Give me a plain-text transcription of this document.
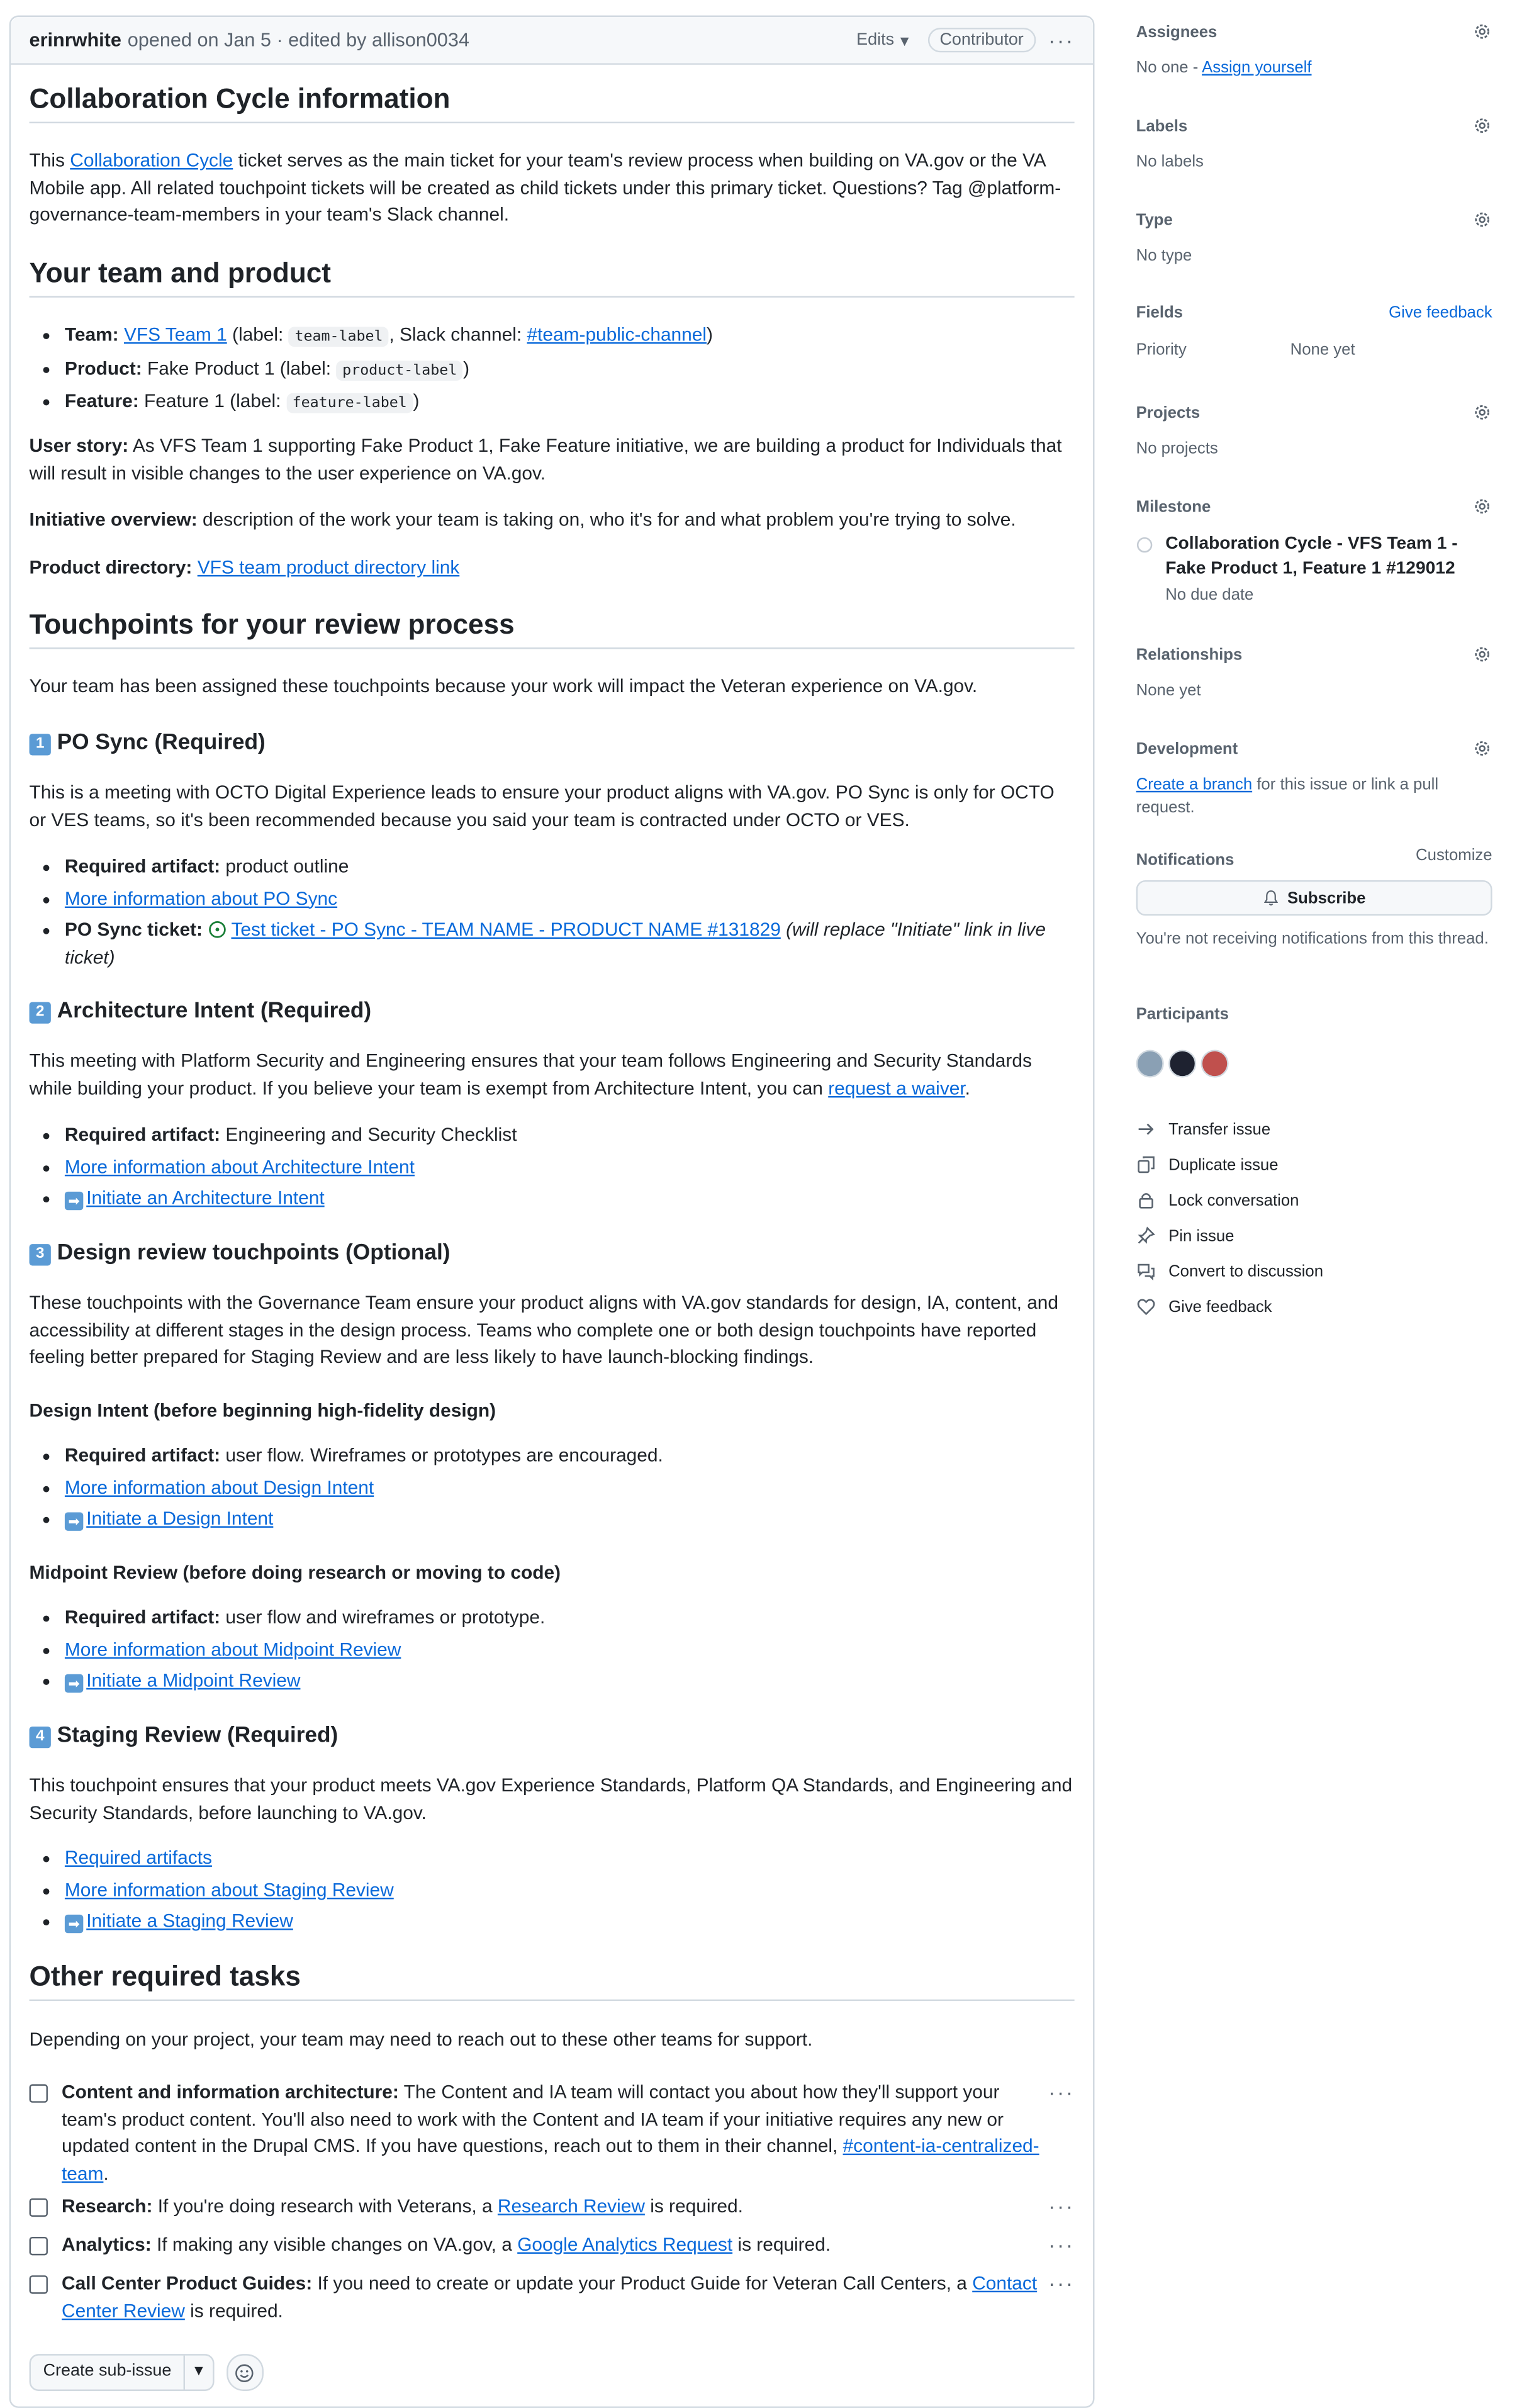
erinrwhite opened on Jan 5 · edited by allison0034	Edits ▾	Contributor	···
Collaboration Cycle information

This Collaboration Cycle ticket serves as the main ticket for your team's review process when building on VA.gov or the VA Mobile app. All related touchpoint tickets will be created as child tickets under this primary ticket. Questions? Tag @platform-governance-team-members in your team's Slack channel.

Your team and product
• Team: VFS Team 1 (label: team-label , Slack channel: #team-public-channel)
• Product: Fake Product 1 (label: product-label )
• Feature: Feature 1 (label: feature-label )

User story: As VFS Team 1 supporting Fake Product 1, Fake Feature initiative, we are building a product for Individuals that will result in visible changes to the user experience on VA.gov.

Initiative overview: description of the work your team is taking on, who it's for and what problem you're trying to solve.

Product directory: VFS team product directory link

Touchpoints for your review process

Your team has been assigned these touchpoints because your work will impact the Veteran experience on VA.gov.

1	PO Sync (Required)

This is a meeting with OCTO Digital Experience leads to ensure your product aligns with VA.gov. PO Sync is only for OCTO or VES teams, so it's been recommended because you said your team is contracted under OCTO or VES.

• Required artifact: product outline
• More information about PO Sync
• PO Sync ticket:	Test ticket - PO Sync - TEAM NAME - PRODUCT NAME #131829 (will replace "Initiate" link in live ticket)
2	Architecture Intent (Required)

This meeting with Platform Security and Engineering ensures that your team follows Engineering and Security Standards while building your product. If you believe your team is exempt from Architecture Intent, you can request a waiver.

• Required artifact: Engineering and Security Checklist
• More information about Architecture Intent
• ➡ Initiate an Architecture Intent
3	Design review touchpoints (Optional)

These touchpoints with the Governance Team ensure your product aligns with VA.gov standards for design, IA, content, and accessibility at different stages in the design process. Teams who complete one or both design touchpoints have reported feeling better prepared for Staging Review and are less likely to have launch-blocking findings.

Design Intent (before beginning high-fidelity design)
• Required artifact: user flow. Wireframes or prototypes are encouraged.
• More information about Design Intent
• ➡ Initiate a Design Intent
Midpoint Review (before doing research or moving to code)
• Required artifact: user flow and wireframes or prototype.
• More information about Midpoint Review
• ➡ Initiate a Midpoint Review
4	Staging Review (Required)

This touchpoint ensures that your product meets VA.gov Experience Standards, Platform QA Standards, and Engineering and Security Standards, before launching to VA.gov.

• Required artifacts
• More information about Staging Review
• ➡ Initiate a Staging Review
Other required tasks

Depending on your project, your team may need to reach out to these other teams for support.

Content and information architecture: The Content and IA team will contact you about how they'll support your team's product content. You'll also need to work with the Content and IA team if your initiative requires any new or updated content in the Drupal CMS. If you have questions, reach out to them in their channel, #content-ia-centralized-team.
···
Research: If you're doing research with Veterans, a Research Review is required.	···
Analytics: If making any visible changes on VA.gov, a Google Analytics Request is required.	···
Call Center Product Guides: If you need to create or update your Product Guide for Veteran Call Centers, a Contact Center Review is required.
···
Create sub-issue	▾
Assignees
No one - Assign yourself
Labels
No labels
Type
No type
Fields	Give feedback
Priority	None yet
Projects
No projects
Milestone
Collaboration Cycle - VFS Team 1 - Fake Product 1, Feature 1 #129012
No due date
Relationships
None yet
Development
Create a branch for this issue or link a pull request.
Notifications	Customize
Subscribe
You're not receiving notifications from this thread.
Participants
Transfer issue
Duplicate issue
Lock conversation
Pin issue
Convert to discussion
Give feedback
